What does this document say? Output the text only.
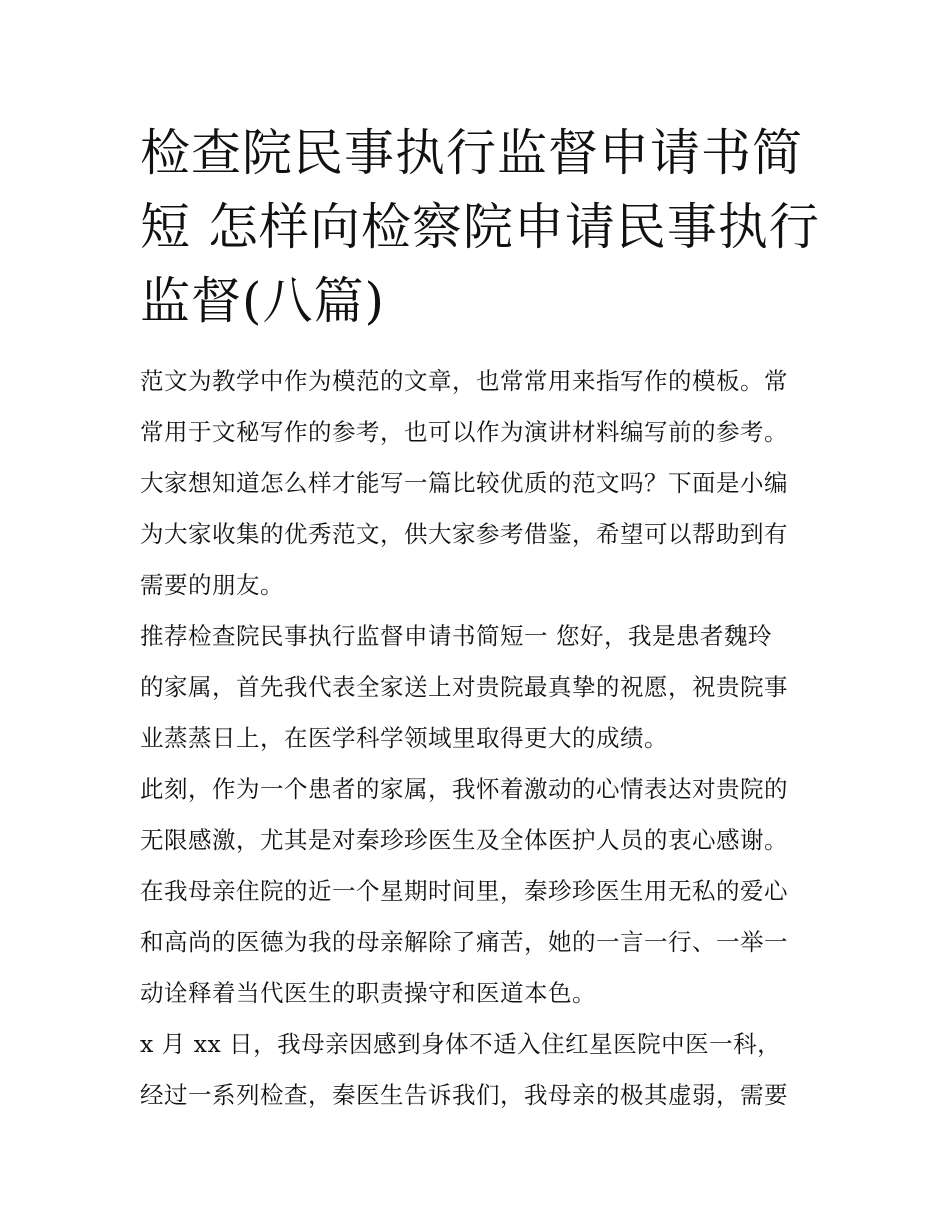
检查院民事执行监督申请书简
短 怎样向检察院申请民事执行
监督(八篇)

范文为教学中作为模范的文章，也常常用来指写作的模板。常
常用于文秘写作的参考，也可以作为演讲材料编写前的参考。
大家想知道怎么样才能写一篇比较优质的范文吗？下面是小编
为大家收集的优秀范文，供大家参考借鉴，希望可以帮助到有
需要的朋友。

推荐检查院民事执行监督申请书简短一 您好，我是患者魏玲
的家属，首先我代表全家送上对贵院最真挚的祝愿，祝贵院事
业蒸蒸日上，在医学科学领域里取得更大的成绩。

此刻，作为一个患者的家属，我怀着激动的心情表达对贵院的
无限感激，尤其是对秦珍珍医生及全体医护人员的衷心感谢。
在我母亲住院的近一个星期时间里，秦珍珍医生用无私的爱心
和高尚的医德为我的母亲解除了痛苦，她的一言一行、一举一
动诠释着当代医生的职责操守和医道本色。

x 月 xx 日，我母亲因感到身体不适入住红星医院中医一科，
经过一系列检查，秦医生告诉我们，我母亲的极其虚弱，需要
